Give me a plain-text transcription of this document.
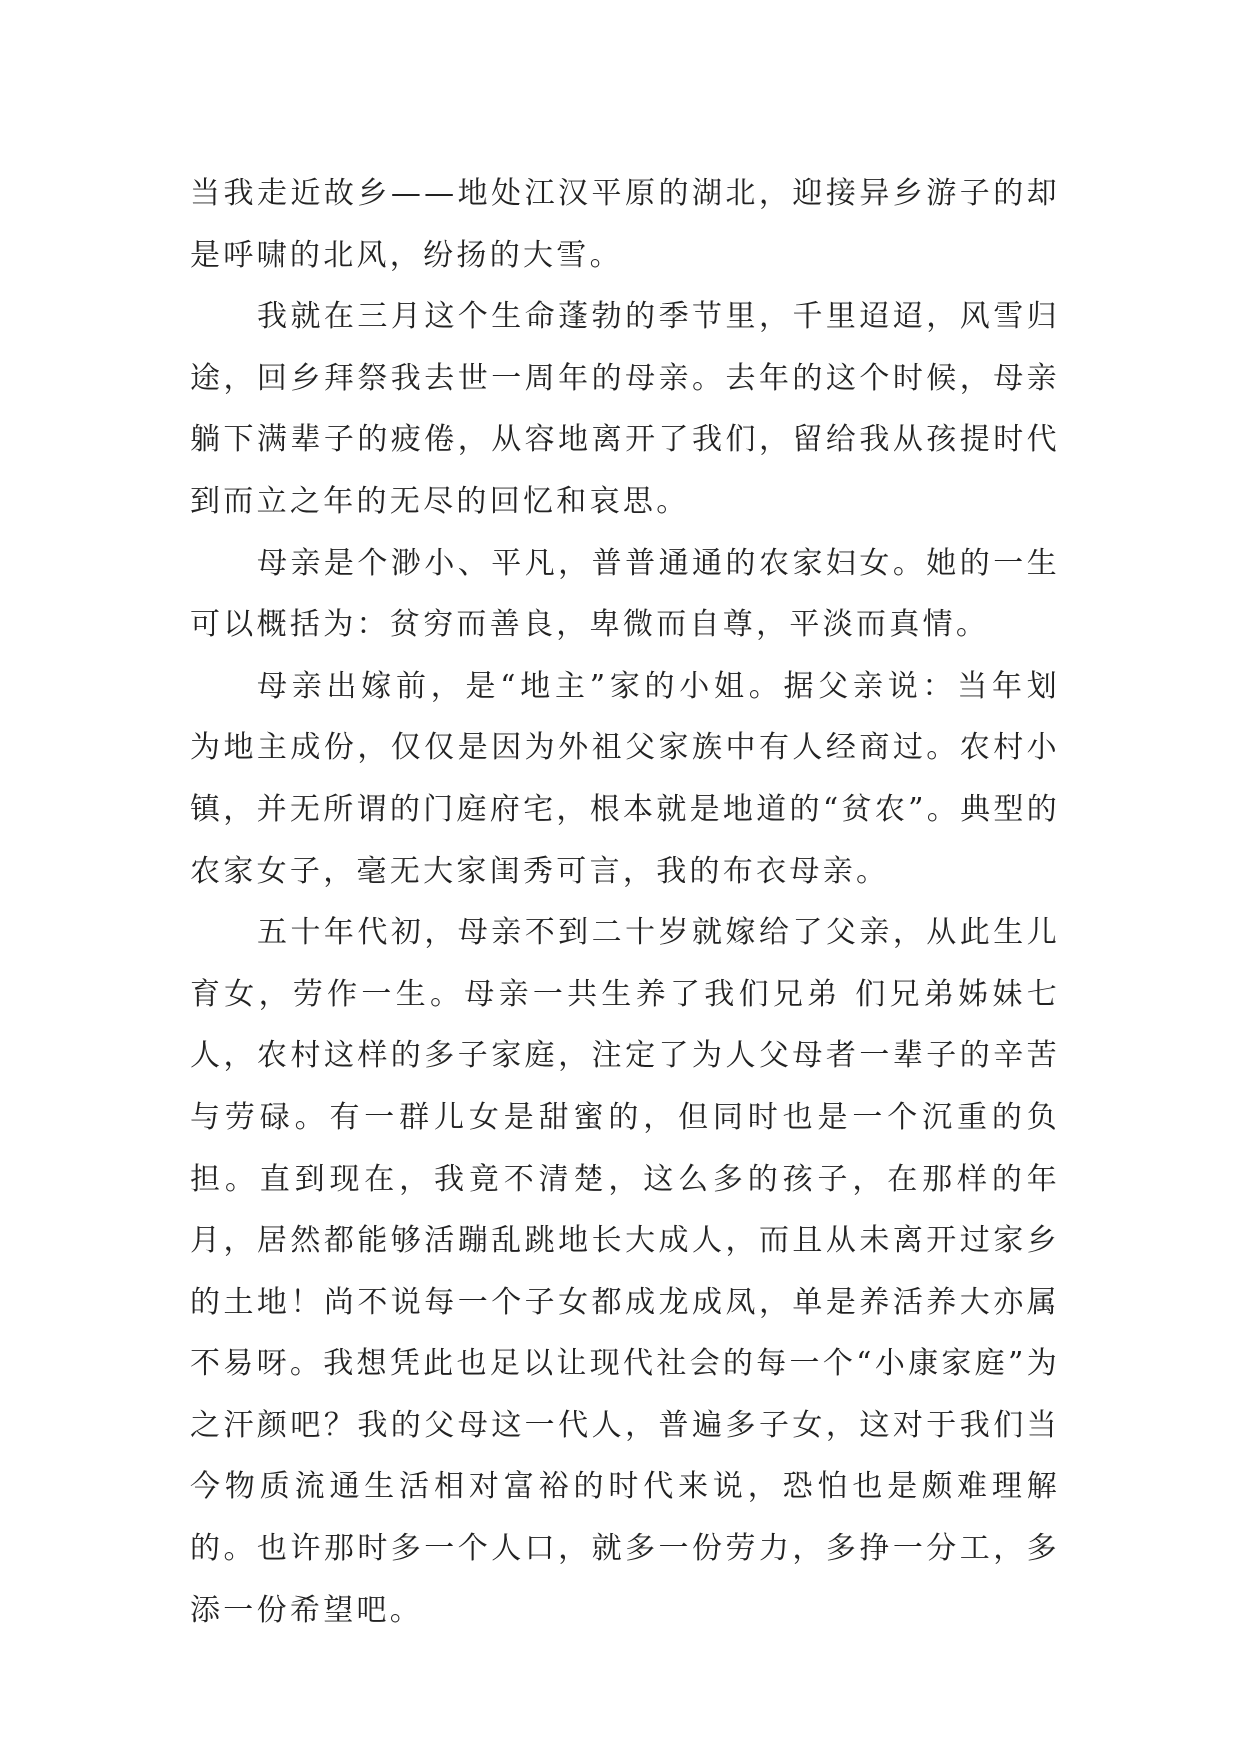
当我走近故乡——地处江汉平原的湖北，迎接异乡游子的却是呼啸的北风，纷扬的大雪。

我就在三月这个生命蓬勃的季节里，千里迢迢，风雪归途，回乡拜祭我去世一周年的母亲。去年的这个时候，母亲躺下满辈子的疲倦，从容地离开了我们，留给我从孩提时代到而立之年的无尽的回忆和哀思。

母亲是个渺小、平凡，普普通通的农家妇女。她的一生可以概括为：贫穷而善良，卑微而自尊，平淡而真情。

母亲出嫁前，是“地主”家的小姐。据父亲说：当年划为地主成份，仅仅是因为外祖父家族中有人经商过。农村小镇，并无所谓的门庭府宅，根本就是地道的“贫农”。典型的农家女子，毫无大家闺秀可言，我的布衣母亲。

五十年代初，母亲不到二十岁就嫁给了父亲，从此生儿育女，劳作一生。母亲一共生养了我们兄弟 们兄弟姊妹七人，农村这样的多子家庭，注定了为人父母者一辈子的辛苦与劳碌。有一群儿女是甜蜜的，但同时也是一个沉重的负担。直到现在，我竟不清楚，这么多的孩子，在那样的年月，居然都能够活蹦乱跳地长大成人，而且从未离开过家乡的土地！尚不说每一个子女都成龙成凤，单是养活养大亦属不易呀。我想凭此也足以让现代社会的每一个“小康家庭”为之汗颜吧？我的父母这一代人，普遍多子女，这对于我们当今物质流通生活相对富裕的时代来说，恐怕也是颇难理解的。也许那时多一个人口，就多一份劳力，多挣一分工，多添一份希望吧。
